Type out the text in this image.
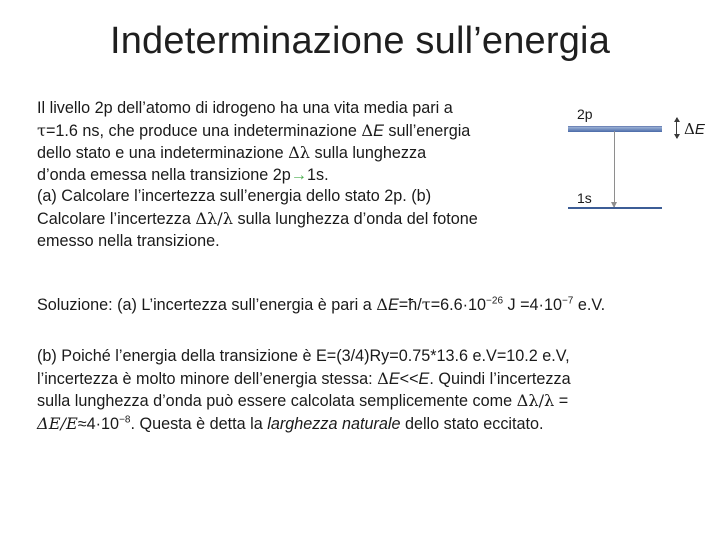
Indeterminazione sull’energia
Il livello 2p dell’atomo di idrogeno ha una vita media pari a
τ=1.6 ns, che produce una indeterminazione ΔE sull’energia
dello stato e una indeterminazione Δλ sulla lunghezza
d’onda emessa nella transizione 2p→1s.
(a) Calcolare l’incertezza sull’energia dello stato 2p. (b)
Calcolare l’incertezza Δλ/λ sulla lunghezza d’onda del fotone
emesso nella transizione.
2p
1s
ΔE
Soluzione: (a) L’incertezza sull’energia è pari a $\Delta E=ħ/\tau=6.6\cdot 10^{-26}$ $J =4\cdot 10^{-7}$ e.V.
(b) Poiché l’energia della transizione è E=(3/4)Ry=0.75*13.6 e.V=10.2 e.V,
l’incertezza è molto minore dell’energia stessa: ΔE<<E. Quindi l’incertezza
sulla lunghezza d’onda può essere calcolata semplicemente come Δλ/λ =
$\Delta E/E\approx 4\cdot 10^{-8}$. Questa è detta la larghezza naturale dello stato eccitato.
